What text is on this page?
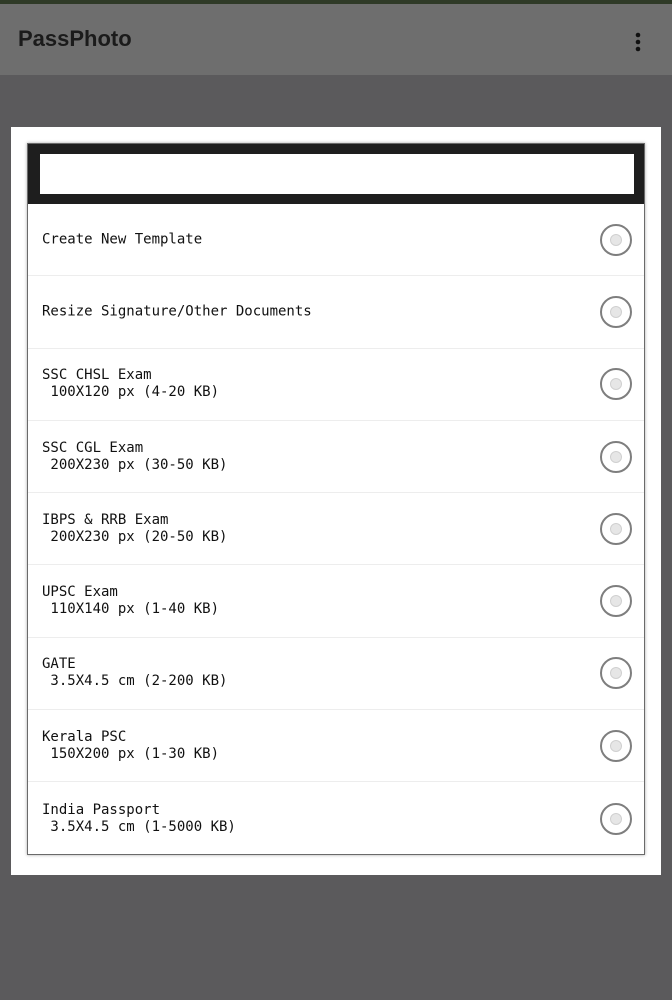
PassPhoto
Create New Template
Resize Signature/Other Documents
SSC CHSL Exam
100X120 px (4-20 KB)
SSC CGL Exam
200X230 px (30-50 KB)
IBPS & RRB Exam
200X230 px (20-50 KB)
UPSC Exam
110X140 px (1-40 KB)
GATE
3.5X4.5 cm (2-200 KB)
Kerala PSC
150X200 px (1-30 KB)
India Passport
3.5X4.5 cm (1-5000 KB)
